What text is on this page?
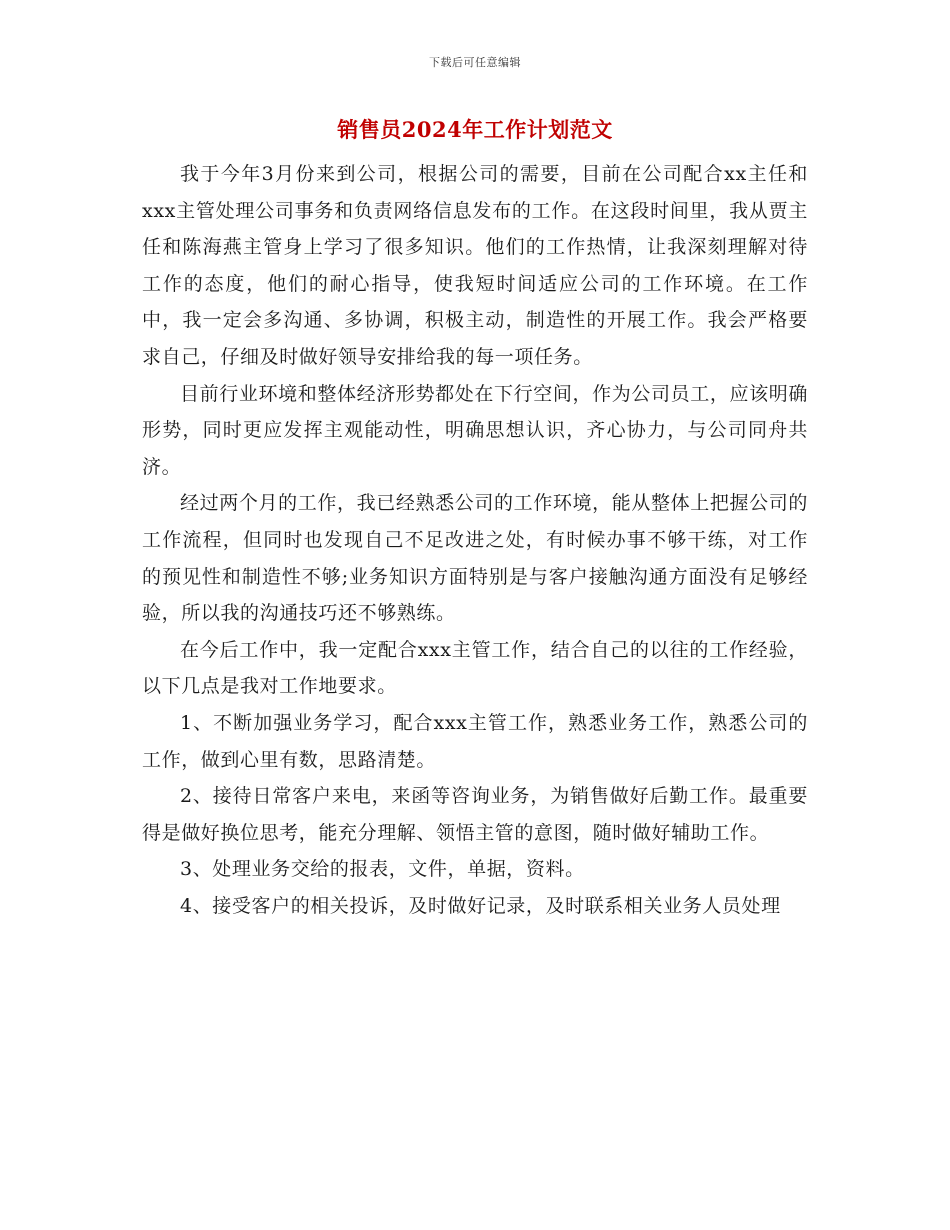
下载后可任意编辑
销售员2024年工作计划范文

我于今年3月份来到公司，根据公司的需要，目前在公司配合xx主任和xxx主管处理公司事务和负责网络信息发布的工作。在这段时间里，我从贾主任和陈海燕主管身上学习了很多知识。他们的工作热情，让我深刻理解对待工作的态度，他们的耐心指导，使我短时间适应公司的工作环境。在工作中，我一定会多沟通、多协调，积极主动，制造性的开展工作。我会严格要求自己，仔细及时做好领导安排给我的每一项任务。

目前行业环境和整体经济形势都处在下行空间，作为公司员工，应该明确形势，同时更应发挥主观能动性，明确思想认识，齐心协力，与公司同舟共济。

经过两个月的工作，我已经熟悉公司的工作环境，能从整体上把握公司的工作流程，但同时也发现自己不足改进之处，有时候办事不够干练，对工作的预见性和制造性不够;业务知识方面特别是与客户接触沟通方面没有足够经验，所以我的沟通技巧还不够熟练。

在今后工作中，我一定配合xxx主管工作，结合自己的以往的工作经验，以下几点是我对工作地要求。

1、不断加强业务学习，配合xxx主管工作，熟悉业务工作，熟悉公司的工作，做到心里有数，思路清楚。

2、接待日常客户来电，来函等咨询业务，为销售做好后勤工作。最重要得是做好换位思考，能充分理解、领悟主管的意图，随时做好辅助工作。

3、处理业务交给的报表，文件，单据，资料。

4、接受客户的相关投诉，及时做好记录，及时联系相关业务人员处理
